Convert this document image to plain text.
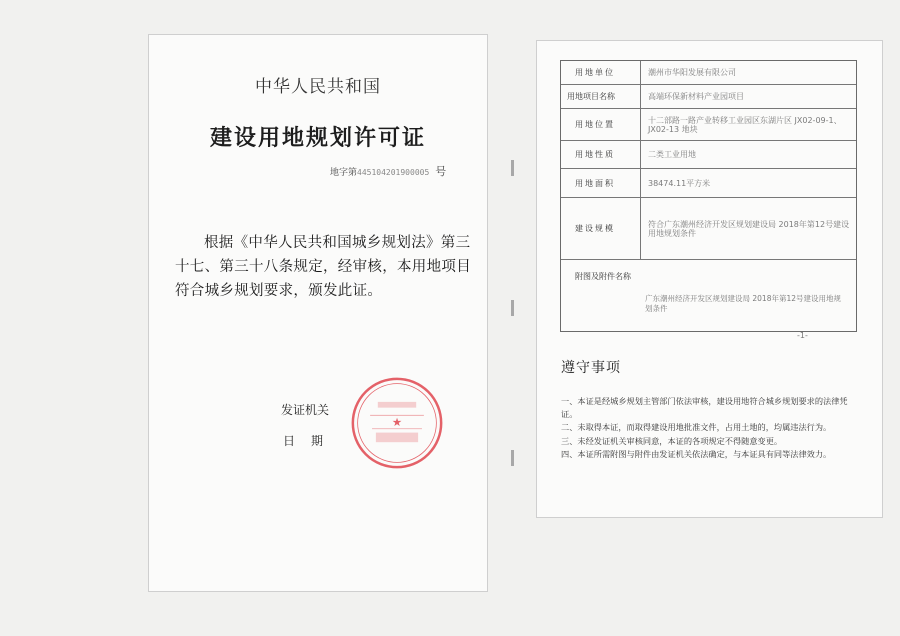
中华人民共和国
建设用地规划许可证
地字第445104201900005 号

根据《中华人民共和国城乡规划法》第三十七、第三十八条规定，经审核，本用地项目符合城乡规划要求，颁发此证。

发证机关
日期
★
用地单位	潮州市华阳发展有限公司
用地项目名称	高端环保新材料产业园项目
用地位置	十二部路一路产业转移工业园区东湖片区 JX02-09-1、JX02-13 地块
用地性质	二类工业用地
用地面积	38474.11平方米
建设规模	符合广东潮州经济开发区规划建设局 2018年第12号建设用地规划条件
附图及附件名称
广东潮州经济开发区规划建设局 2018年第12号建设用地规划条件
-1-
遵守事项
一、本证是经城乡规划主管部门依法审核，建设用地符合城乡规划要求的法律凭证。
二、未取得本证，而取得建设用地批准文件，占用土地的，均属违法行为。
三、未经发证机关审核同意，本证的各项规定不得随意变更。
四、本证所需附图与附件由发证机关依法确定，与本证具有同等法律效力。
